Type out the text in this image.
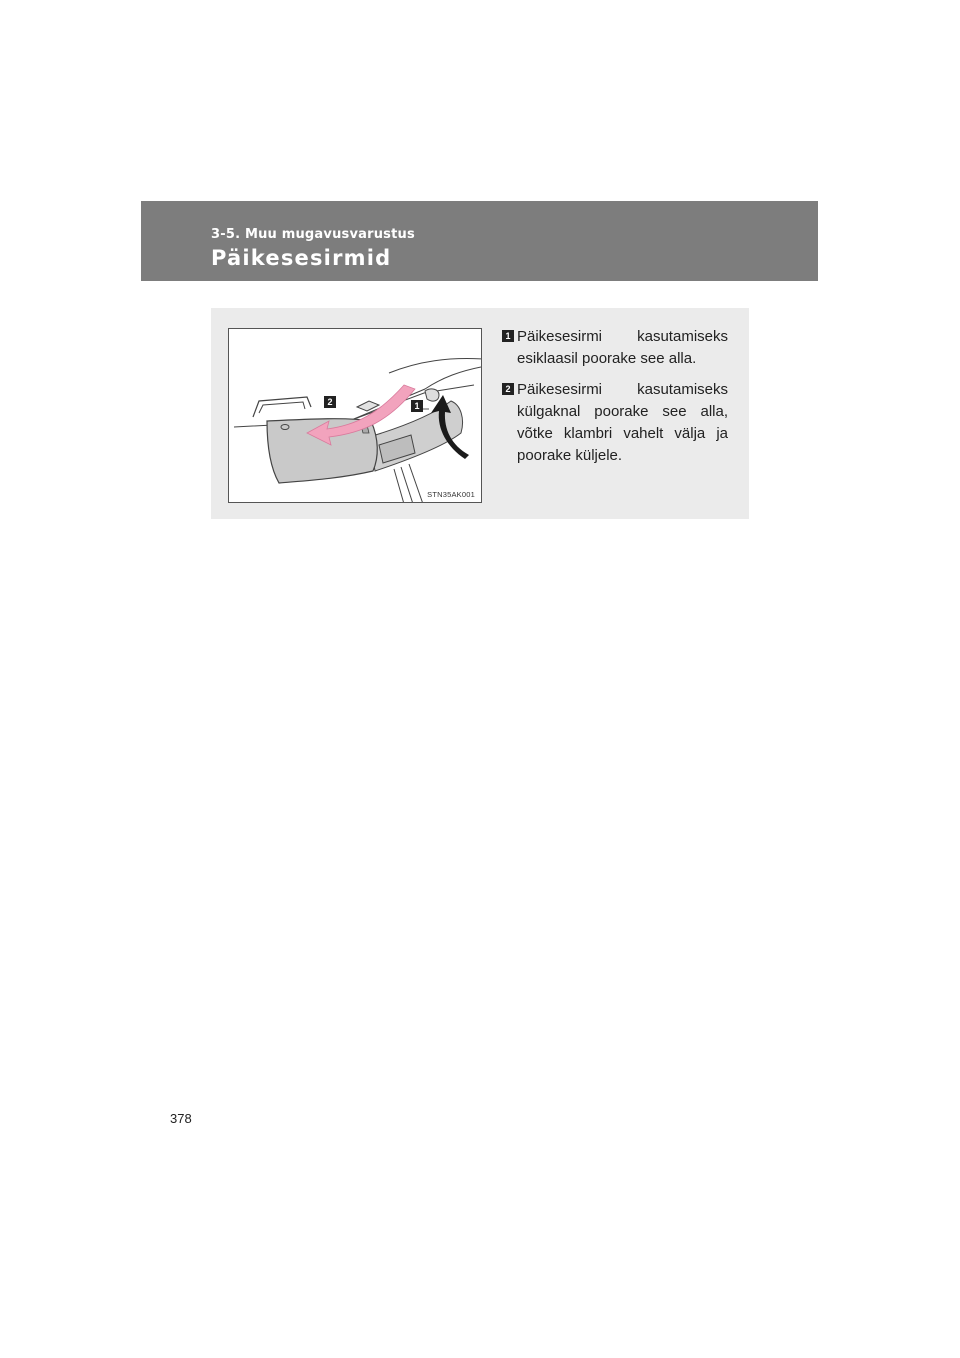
3-5. Muu mugavusvarustus
Päikesesirmid
2	1
STN35AK001
1 Päikesesirmi kasutamiseks esiklaasil poorake see alla.
2 Päikesesirmi kasutamiseks külgaknal poorake see alla, võtke klambri vahelt välja ja poorake küljele.
378
